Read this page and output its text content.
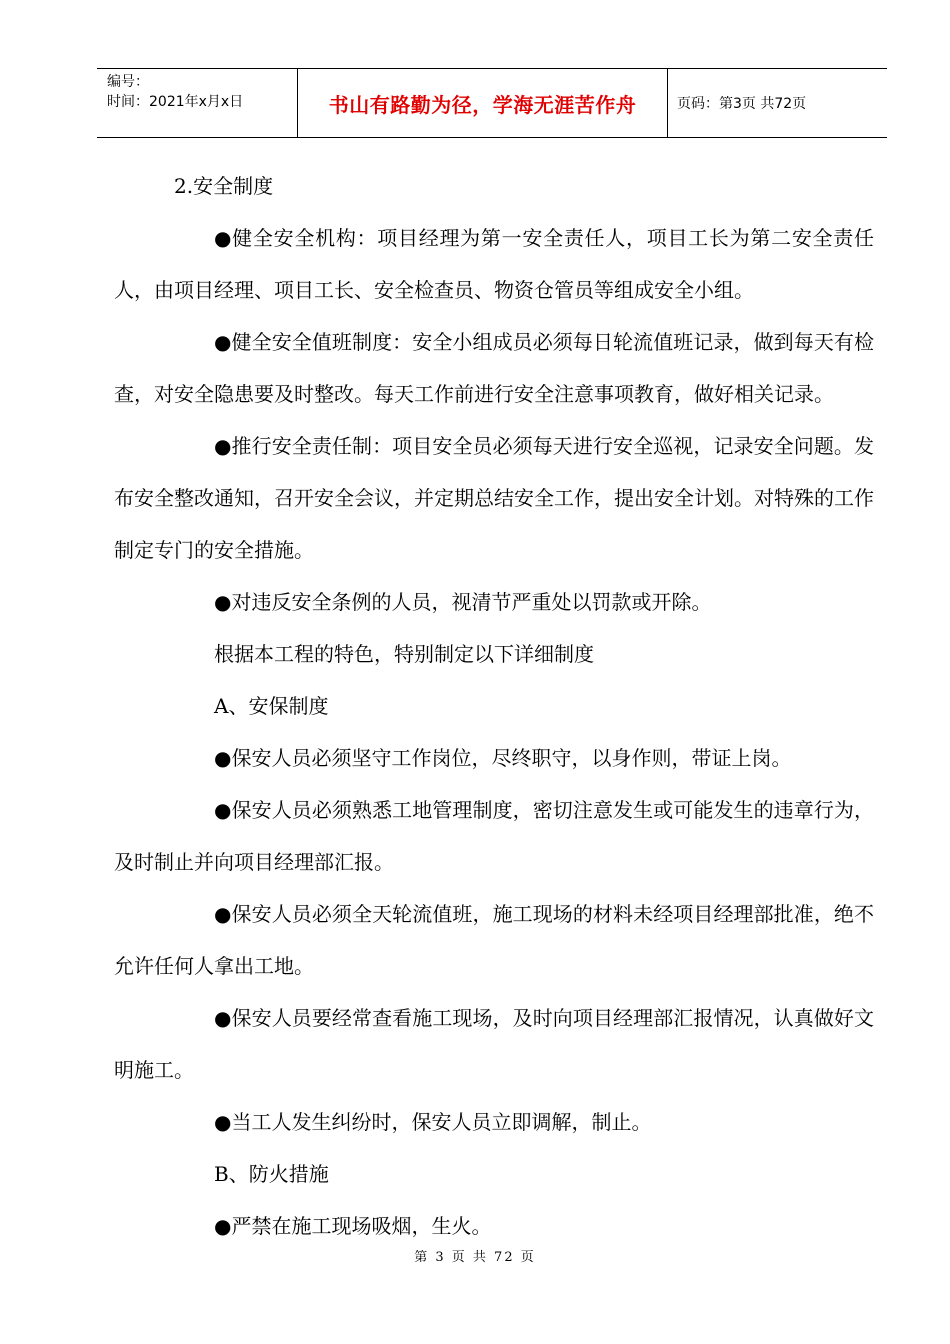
编号：
时间：2021年x月x日	书山有路勤为径，学海无涯苦作舟	页码：第3页 共72页

2.安全制度

●健全安全机构：项目经理为第一安全责任人，项目工长为第二安全责任人，由项目经理、项目工长、安全检查员、物资仓管员等组成安全小组。

●健全安全值班制度：安全小组成员必须每日轮流值班记录，做到每天有检查，对安全隐患要及时整改。每天工作前进行安全注意事项教育，做好相关记录。

●推行安全责任制：项目安全员必须每天进行安全巡视，记录安全问题。发布安全整改通知，召开安全会议，并定期总结安全工作，提出安全计划。对特殊的工作制定专门的安全措施。

●对违反安全条例的人员，视清节严重处以罚款或开除。

根据本工程的特色，特别制定以下详细制度

A、安保制度

●保安人员必须坚守工作岗位，尽终职守，以身作则，带证上岗。

●保安人员必须熟悉工地管理制度，密切注意发生或可能发生的违章行为，及时制止并向项目经理部汇报。

●保安人员必须全天轮流值班，施工现场的材料未经项目经理部批准，绝不允许任何人拿出工地。

●保安人员要经常查看施工现场，及时向项目经理部汇报情况，认真做好文明施工。

●当工人发生纠纷时，保安人员立即调解，制止。

B、防火措施

●严禁在施工现场吸烟，生火。

第 3 页 共 72 页
